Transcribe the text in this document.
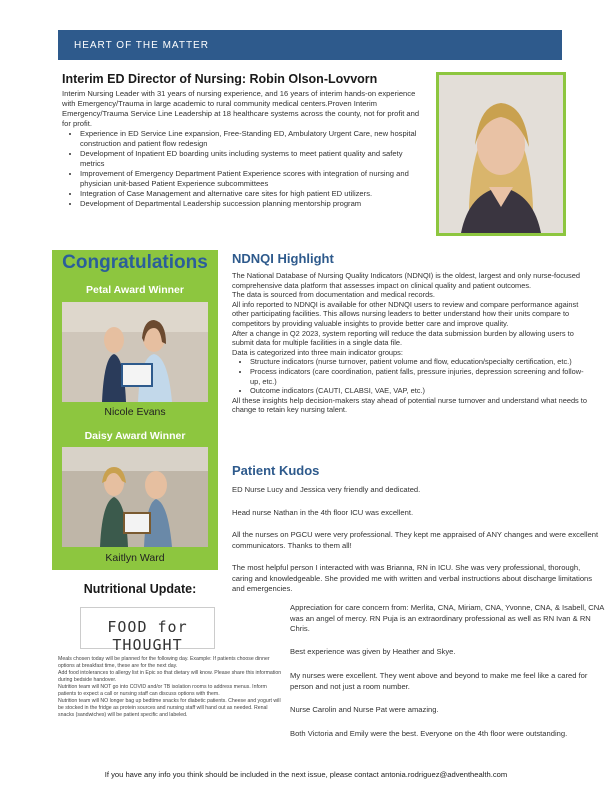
HEART OF THE MATTER
Interim ED Director of Nursing: Robin Olson-Lovvorn

Interim Nursing Leader with 31 years of nursing experience, and 16 years of interim hands-on experience with Emergency/Trauma in large academic to rural community medical centers.Proven Interim Emergency/Trauma Service Line Leadership at 18 healthcare systems across the county, not for profit and for profit.

• Experience in ED Service Line expansion, Free-Standing ED, Ambulatory Urgent Care, new hospital construction and patient flow redesign
• Development of Inpatient ED boarding units including systems to meet patient quality and safety metrics
• Improvement of Emergency Department Patient Experience scores with integration of nursing and physician unit-based Patient Experience subcommittees
• Integration of Case Management and alternative care sites for high patient ED utilizers.
• Development of Departmental Leadership succession planning mentorship program
Congratulations
Petal Award Winner
Nicole Evans
Daisy Award Winner
Kaitlyn Ward
NDNQI Highlight

The National Database of Nursing Quality Indicators (NDNQI) is the oldest, largest and only nurse-focused comprehensive data platform that assesses impact on clinical quality and patient outcomes.

The data is sourced from documentation and medical records.

All info reported to NDNQI is available for other NDNQI users to review and compare performance against other participating facilities. This allows nursing leaders to better understand how their units compare to competitors by providing valuable insights to provide better care and improve quality.

After a change in Q2 2023, system reporting will reduce the data submission burden by allowing users to submit data for multiple facilities in a single data file.

Data is categorized into three main indicator groups:

• Structure indicators (nurse turnover, patient volume and flow, education/specialty certification, etc.)
• Process indicators (care coordination, patient falls, pressure injuries, depression screening and follow-up, etc.)
• Outcome indicators (CAUTI, CLABSI, VAE, VAP, etc.)

All these insights help decision-makers stay ahead of potential nurse turnover and understand what needs to change to retain key nursing talent.

Patient Kudos
ED Nurse Lucy and Jessica very friendly and dedicated.
Head nurse Nathan in the 4th floor ICU was excellent.
All the nurses on PGCU were very professional. They kept me appraised of ANY changes and were excellent communicators. Thanks to them all!
The most helpful person I interacted with was Brianna, RN in ICU. She was very professional, thorough, caring and knowledgeable. She provided me with written and verbal instructions about discharge limitations and emergencies.
Appreciation for care concern from: Merlita, CNA, Miriam, CNA, Yvonne, CNA, & Isabell, CNA was an angel of mercy. RN Puja is an extraordinary professional as well as RN Ivan & RN Chris.
Best experience was given by Heather and Skye.
My nurses were excellent. They went above and beyond to make me feel like a cared for person and not just a room number.
Nurse Carolin and Nurse Pat were amazing.
Both Victoria and Emily were the best. Everyone on the 4th floor were outstanding.
Nutritional Update:
FOOD for THOUGHT

Meals chosen today will be planned for the following day. Example: If patients choose dinner options at breakfast time, these are for the next day.

Add food intolerances to allergy list in Epic so that dietary will know. Please share this information during bedside handover.

Nutrition team will NOT go into COVID and/or TB isolation rooms to address menus. Inform patients to expect a call or nursing staff can discuss options with them.

Nutrition team will NO longer bag up bedtime snacks for diabetic patients. Cheese and yogurt will be stocked in the fridge as protein sources and nursing staff will hand out as needed. Renal snacks (sandwiches) will be patient specific and labeled.

If you have any info you think should be included in the next issue, please contact antonia.rodriguez@adventhealth.com
